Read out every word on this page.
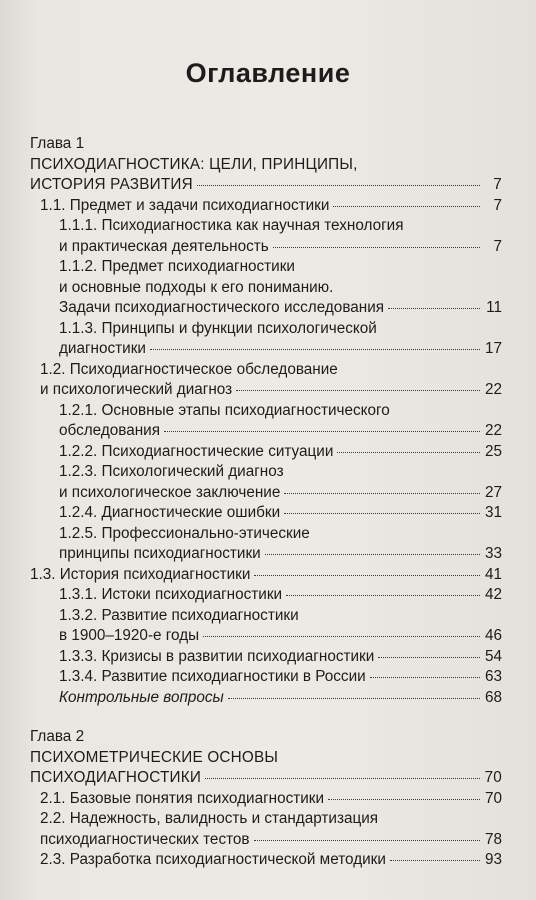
Оглавление
Глава 1
ПСИХОДИАГНОСТИКА: ЦЕЛИ, ПРИНЦИПЫ,
ИСТОРИЯ РАЗВИТИЯ	7
1.1. Предмет и задачи психодиагностики	7
1.1.1. Психодиагностика как научная технология
и практическая деятельность	7
1.1.2. Предмет психодиагностики
и основные подходы к его пониманию.
Задачи психодиагностического исследования	11
1.1.3. Принципы и функции психологической
диагностики	17
1.2. Психодиагностическое обследование
и психологический диагноз	22
1.2.1. Основные этапы психодиагностического
обследования	22
1.2.2. Психодиагностические ситуации	25
1.2.3. Психологический диагноз
и психологическое заключение	27
1.2.4. Диагностические ошибки	31
1.2.5. Профессионально-этические
принципы психодиагностики	33
1.3. История психодиагностики	41
1.3.1. Истоки психодиагностики	42
1.3.2. Развитие психодиагностики
в 1900–1920-е годы	46
1.3.3. Кризисы в развитии психодиагностики	54
1.3.4. Развитие психодиагностики в России	63
Контрольные вопросы	68
Глава 2
ПСИХОМЕТРИЧЕСКИЕ ОСНОВЫ
ПСИХОДИАГНОСТИКИ	70
2.1. Базовые понятия психодиагностики	70
2.2. Надежность, валидность и стандартизация
психодиагностических тестов	78
2.3. Разработка психодиагностической методики	93
